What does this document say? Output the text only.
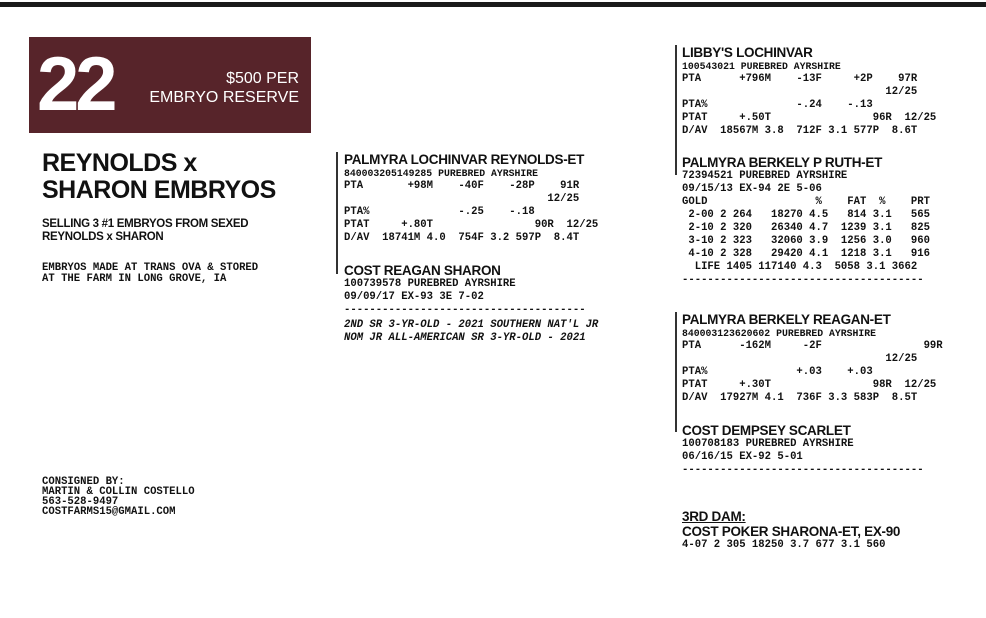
22	$500 PER
EMBRYO RESERVE
REYNOLDS x
SHARON EMBRYOS
SELLING 3 #1 EMBRYOS FROM SEXED
REYNOLDS x SHARON
EMBRYOS MADE AT TRANS OVA & STORED
AT THE FARM IN LONG GROVE, IA
CONSIGNED BY:
MARTIN & COLLIN COSTELLO
563-528-9497
COSTFARMS15@GMAIL.COM
PALMYRA LOCHINVAR REYNOLDS-ET
840003205149285 PUREBRED AYRSHIRE
PTA       +98M    -40F    -28P    91R
12/25
PTA%              -.25    -.18
PTAT     +.80T                90R  12/25
D/AV  18741M 4.0  754F 3.2 597P  8.4T
COST REAGAN SHARON
100739578 PUREBRED AYRSHIRE
09/09/17 EX-93 3E 7-02
--------------------------------------
2ND SR 3-YR-OLD - 2021 SOUTHERN NAT'L JR
NOM JR ALL-AMERICAN SR 3-YR-OLD - 2021
LIBBY'S LOCHINVAR
100543021 PUREBRED AYRSHIRE
PTA      +796M    -13F     +2P    97R
12/25
PTA%              -.24    -.13
PTAT     +.50T                96R  12/25
D/AV  18567M 3.8  712F 3.1 577P  8.6T
PALMYRA BERKELY P RUTH-ET
72394521 PUREBRED AYRSHIRE
09/15/13 EX-94 2E 5-06
GOLD                 %    FAT  %    PRT
2-00 2 264   18270 4.5   814 3.1   565
2-10 2 320   26340 4.7  1239 3.1   825
3-10 2 323   32060 3.9  1256 3.0   960
4-10 2 328   29420 4.1  1218 3.1   916
LIFE 1405 117140 4.3  5058 3.1 3662
--------------------------------------
PALMYRA BERKELY REAGAN-ET
840003123620602 PUREBRED AYRSHIRE
PTA      -162M     -2F                99R
12/25
PTA%              +.03    +.03
PTAT     +.30T                98R  12/25
D/AV  17927M 4.1  736F 3.3 583P  8.5T
COST DEMPSEY SCARLET
100708183 PUREBRED AYRSHIRE
06/16/15 EX-92 5-01
--------------------------------------
3RD DAM:
COST POKER SHARONA-ET, EX-90
4-07 2 305 18250 3.7 677 3.1 560
